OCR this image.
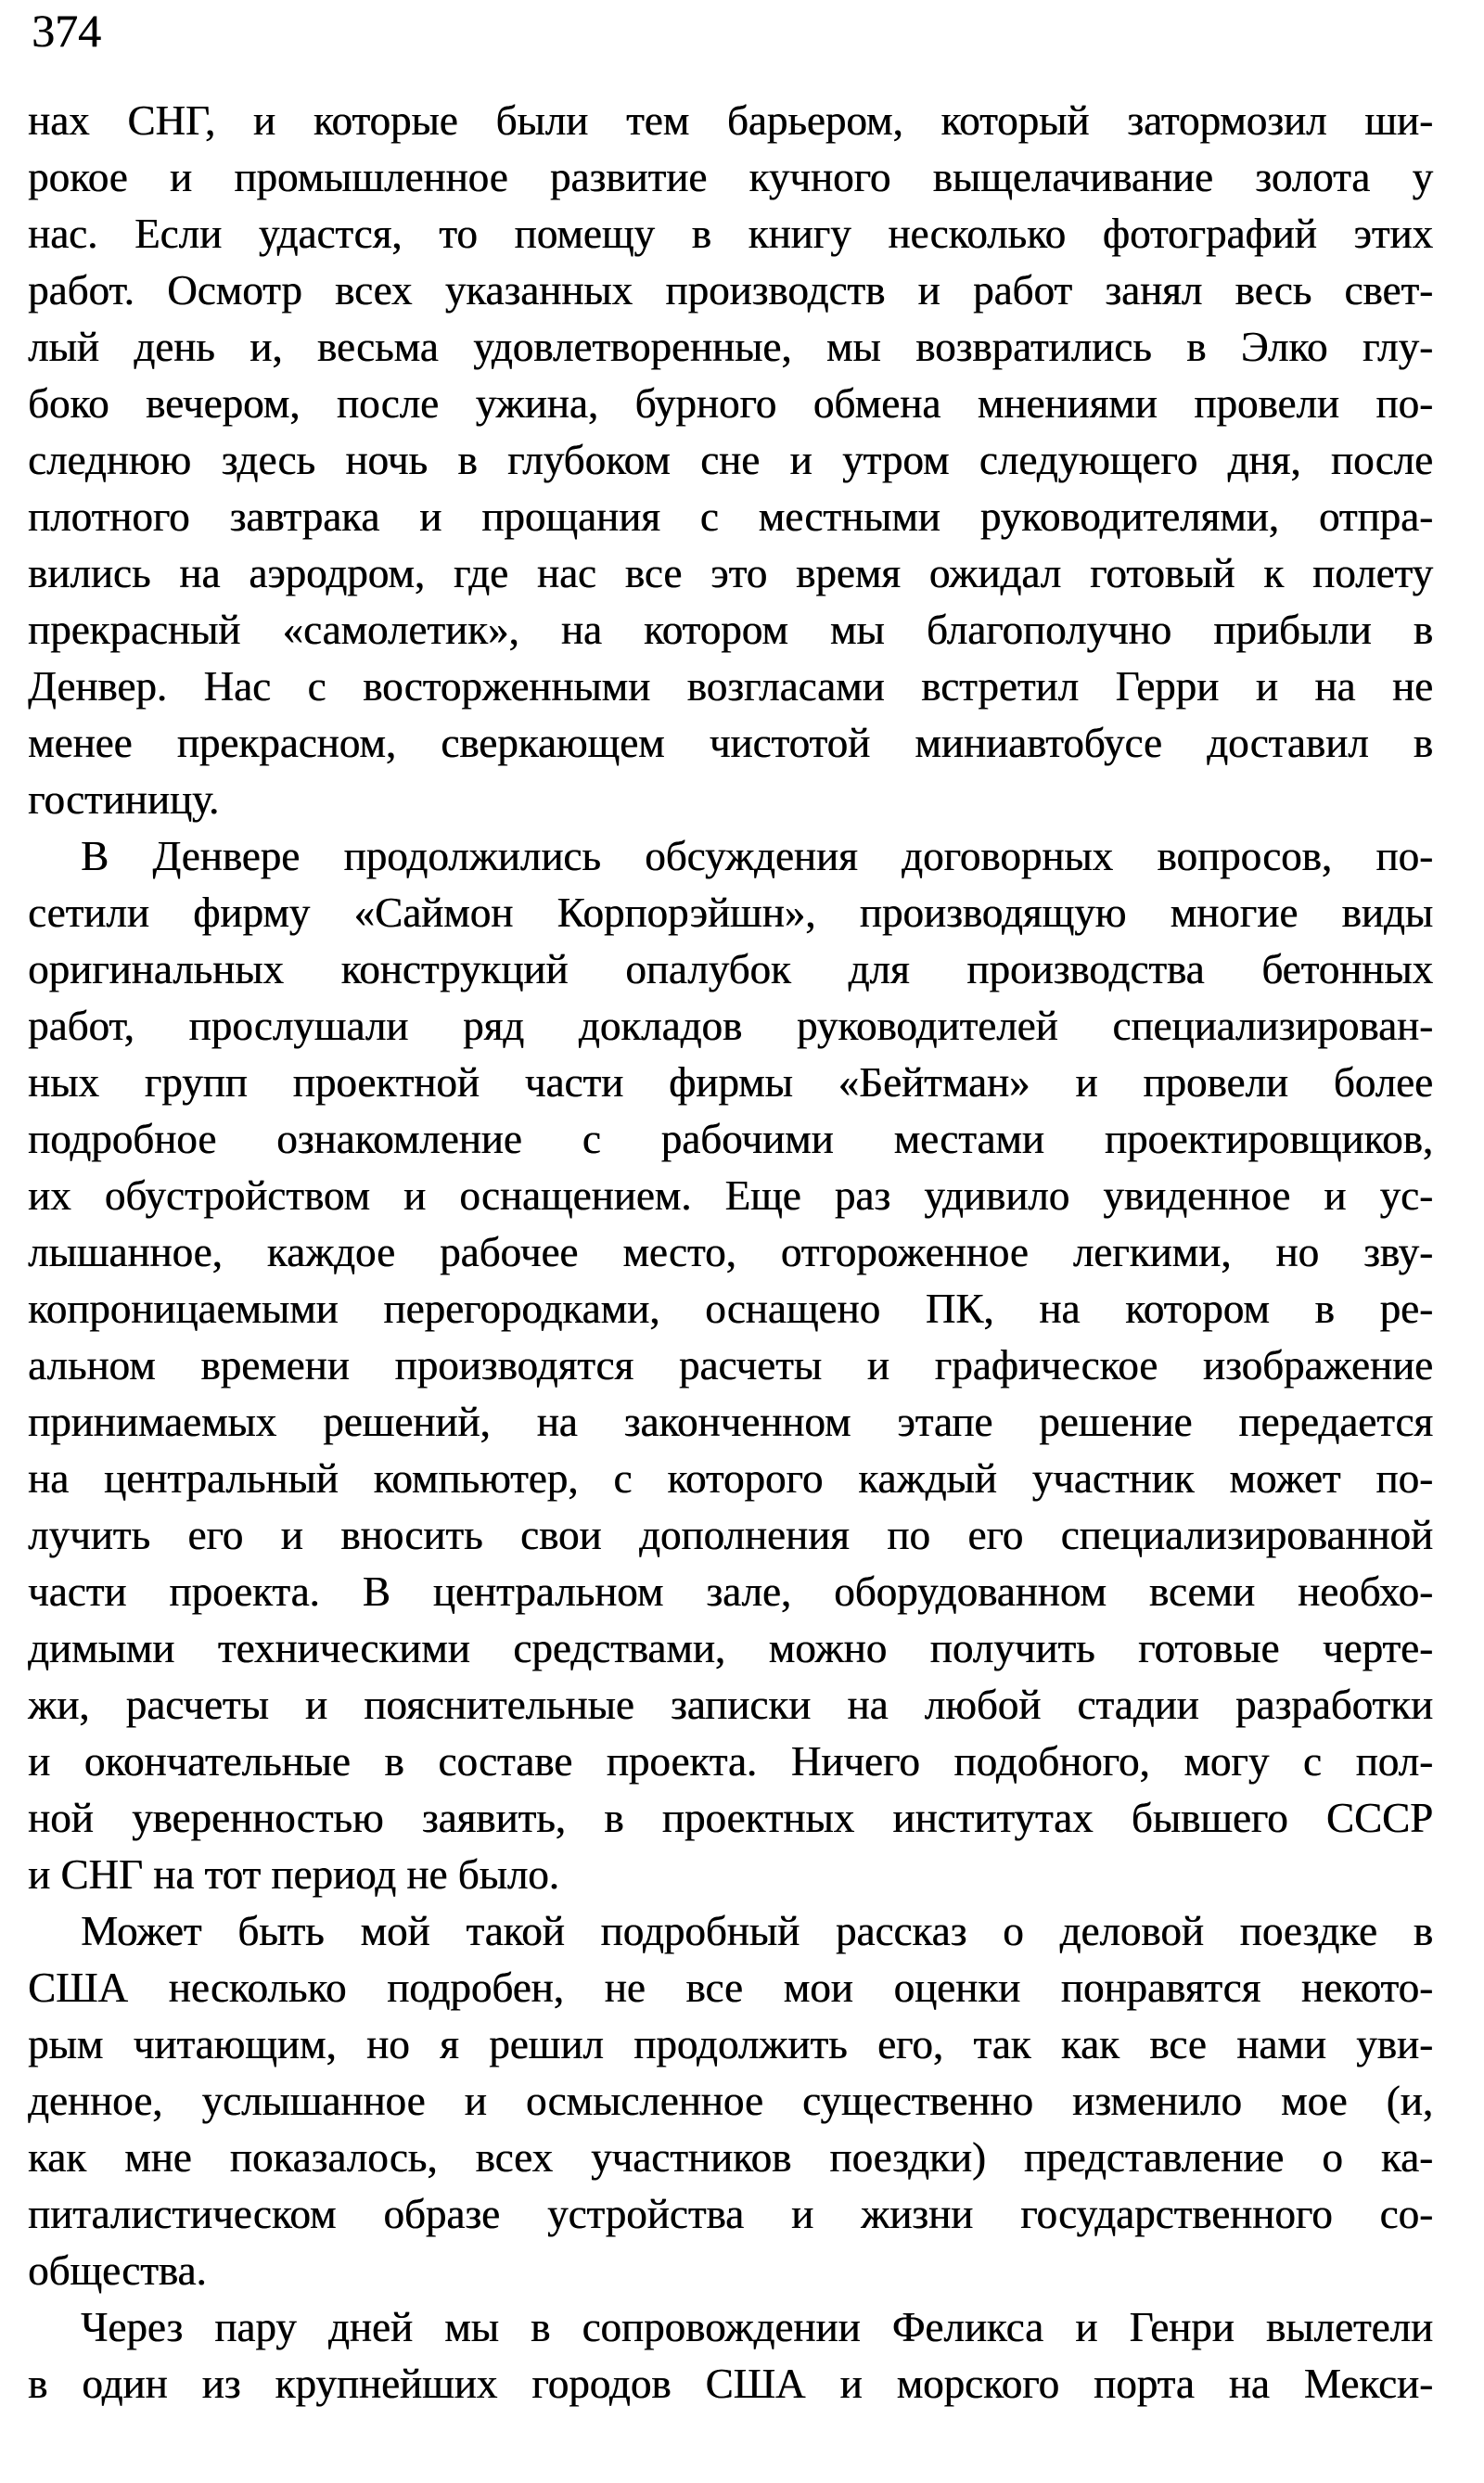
374
нах СНГ, и которые были тем барьером, который затормозил ши-
рокое и промышленное развитие кучного выщелачивание золота у
нас. Если удастся, то помещу в книгу несколько фотографий этих
работ. Осмотр всех указанных производств и работ занял весь свет-
лый день и, весьма удовлетворенные, мы возвратились в Элко глу-
боко вечером, после ужина, бурного обмена мнениями провели по-
следнюю здесь ночь в глубоком сне и утром следующего дня, после
плотного завтрака и прощания с местными руководителями, отпра-
вились на аэродром, где нас все это время ожидал готовый к полету
прекрасный «самолетик», на котором мы благополучно прибыли в
Денвер. Нас с восторженными возгласами встретил Герри и на не
менее прекрасном, сверкающем чистотой миниавтобусе доставил в
гостиницу.
В Денвере продолжились обсуждения договорных вопросов, по-
сетили фирму «Саймон Корпорэйшн», производящую многие виды
оригинальных конструкций опалубок для производства бетонных
работ, прослушали ряд докладов руководителей специализирован-
ных групп проектной части фирмы «Бейтман» и провели более
подробное ознакомление с рабочими местами проектировщиков,
их обустройством и оснащением. Еще раз удивило увиденное и ус-
лышанное, каждое рабочее место, отгороженное легкими, но зву-
копроницаемыми перегородками, оснащено ПК, на котором в ре-
альном времени производятся расчеты и графическое изображение
принимаемых решений, на законченном этапе решение передается
на центральный компьютер, с которого каждый участник может по-
лучить его и вносить свои дополнения по его специализированной
части проекта. В центральном зале, оборудованном всеми необхо-
димыми техническими средствами, можно получить готовые черте-
жи, расчеты и пояснительные записки на любой стадии разработки
и окончательные в составе проекта. Ничего подобного, могу с пол-
ной уверенностью заявить, в проектных институтах бывшего СССР
и СНГ на тот период не было.
Может быть мой такой подробный рассказ о деловой поездке в
США несколько подробен, не все мои оценки понравятся некото-
рым читающим, но я решил продолжить его, так как все нами уви-
денное, услышанное и осмысленное существенно изменило мое (и,
как мне показалось, всех участников поездки) представление о ка-
питалистическом образе устройства и жизни государственного со-
общества.
Через пару дней мы в сопровождении Феликса и Генри вылетели
в один из крупнейших городов США и морского порта на Мекси-
